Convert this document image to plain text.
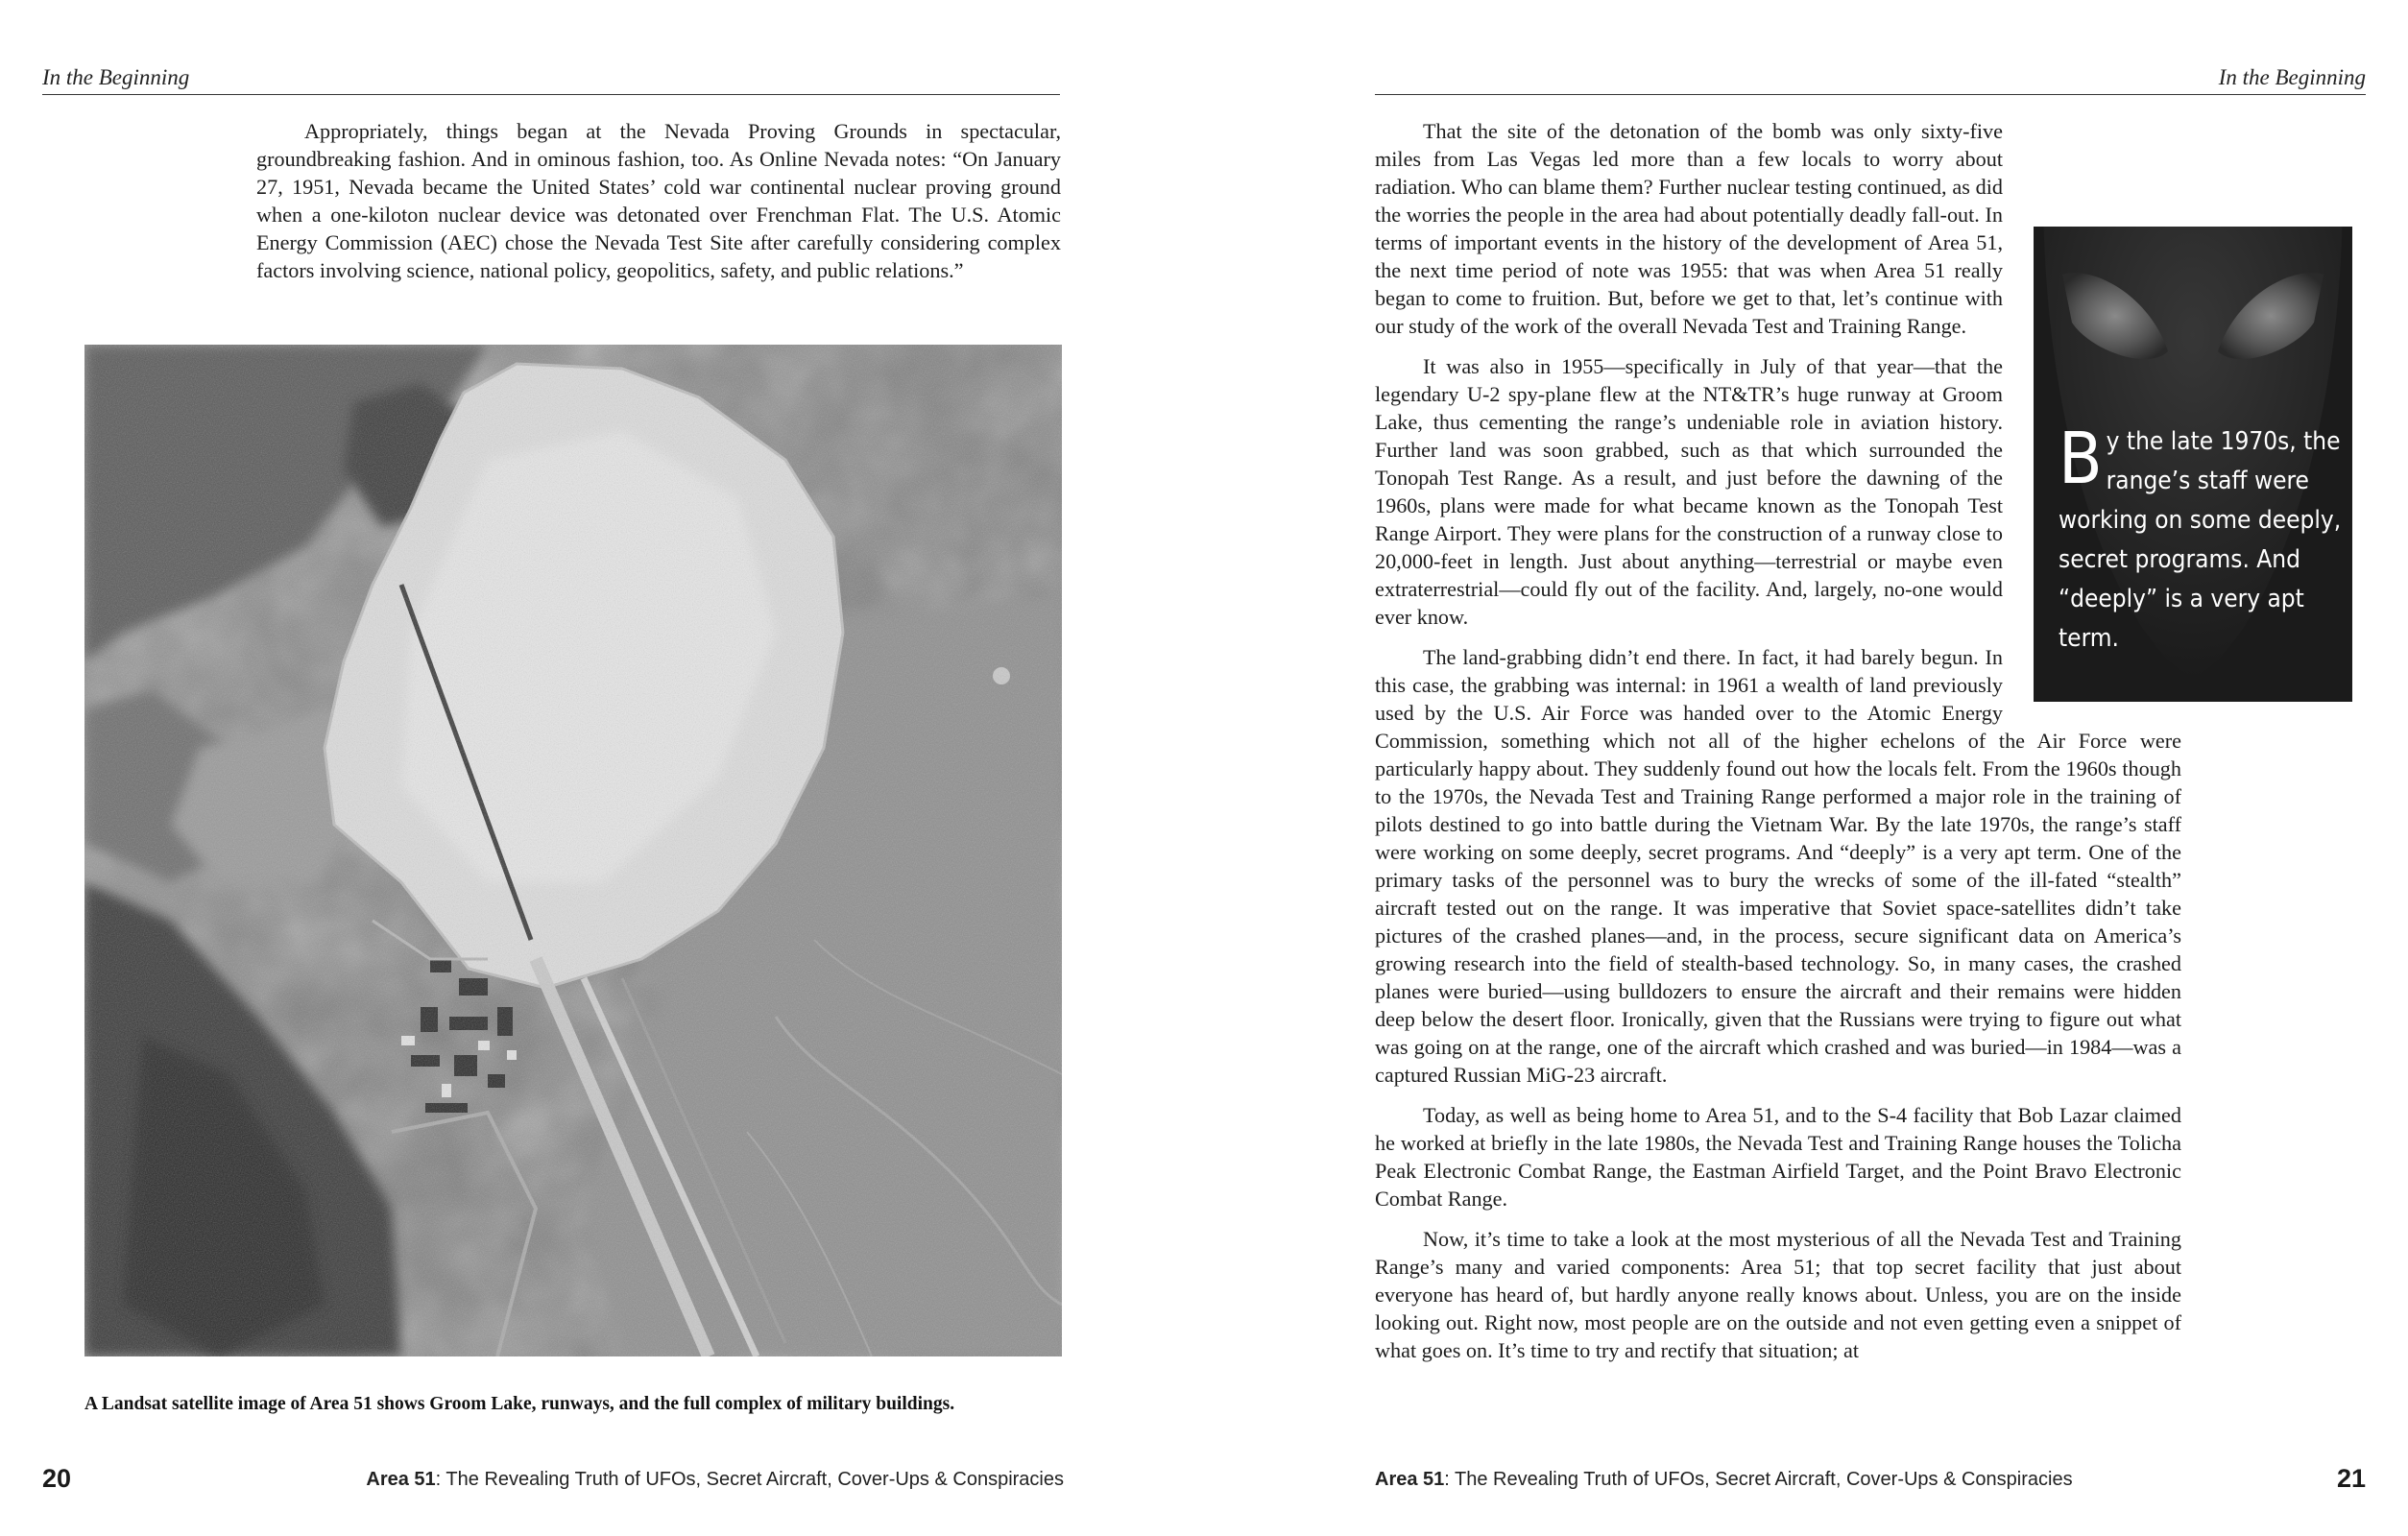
In the Beginning

Appropriately, things began at the Nevada Proving Grounds in spectacular, groundbreaking fashion. And in ominous fashion, too. As Online Nevada notes: “On January 27, 1951, Nevada became the United States’ cold war continental nuclear proving ground when a one-kiloton nuclear device was detonated over Frenchman Flat. The U.S. Atomic Energy Commission (AEC) chose the Nevada Test Site after carefully considering complex factors involving science, national policy, geopolitics, safety, and public relations.”

A Landsat satellite image of Area 51 shows Groom Lake, runways, and the full complex of military buildings.
20	Area 51: The Revealing Truth of UFOs, Secret Aircraft, Cover-Ups & Conspiracies
In the Beginning
By the late 1970s, the range’s staff were working on some deeply, secret programs. And “deeply” is a very apt term.

That the site of the detonation of the bomb was only sixty-five miles from Las Vegas led more than a few locals to worry about radiation. Who can blame them? Further nuclear testing continued, as did the worries the people in the area had about potentially deadly fall-out. In terms of important events in the history of the development of Area 51, the next time period of note was 1955: that was when Area 51 really began to come to fruition. But, before we get to that, let’s continue with our study of the work of the overall Nevada Test and Training Range.

It was also in 1955—specifically in July of that year—that the legendary U-2 spy-plane flew at the NT&TR’s huge runway at Groom Lake, thus cementing the range’s undeniable role in aviation history. Further land was soon grabbed, such as that which surrounded the Tonopah Test Range. As a result, and just before the dawning of the 1960s, plans were made for what became known as the Tonopah Test Range Airport. They were plans for the construction of a runway close to 20,000-feet in length. Just about anything—terrestrial or maybe even extraterrestrial—could fly out of the facility. And, largely, no-one would ever know.

The land-grabbing didn’t end there. In fact, it had barely begun. In this case, the grabbing was internal: in 1961 a wealth of land previously used by the U.S. Air Force was handed over to the Atomic Energy Commission, something which not all of the higher echelons of the Air Force were particularly happy about. They suddenly found out how the locals felt. From the 1960s though to the 1970s, the Nevada Test and Training Range performed a major role in the training of pilots destined to go into battle during the Vietnam War. By the late 1970s, the range’s staff were working on some deeply, secret programs. And “deeply” is a very apt term. One of the primary tasks of the personnel was to bury the wrecks of some of the ill-fated “stealth” aircraft tested out on the range. It was imperative that Soviet space-satellites didn’t take pictures of the crashed planes—and, in the process, secure significant data on America’s growing research into the field of stealth-based technology. So, in many cases, the crashed planes were buried—using bulldozers to ensure the aircraft and their remains were hidden deep below the desert floor. Ironically, given that the Russians were trying to figure out what was going on at the range, one of the aircraft which crashed and was buried—in 1984—was a captured Russian MiG-23 aircraft.

Today, as well as being home to Area 51, and to the S-4 facility that Bob Lazar claimed he worked at briefly in the late 1980s, the Nevada Test and Training Range houses the Tolicha Peak Electronic Combat Range, the Eastman Airfield Target, and the Point Bravo Electronic Combat Range.

Now, it’s time to take a look at the most mysterious of all the Nevada Test and Training Range’s many and varied components: Area 51; that top secret facility that just about everyone has heard of, but hardly anyone really knows about. Unless, you are on the inside looking out. Right now, most people are on the outside and not even getting even a snippet of what goes on. It’s time to try and rectify that situation; at

Area 51: The Revealing Truth of UFOs, Secret Aircraft, Cover-Ups & Conspiracies	21
